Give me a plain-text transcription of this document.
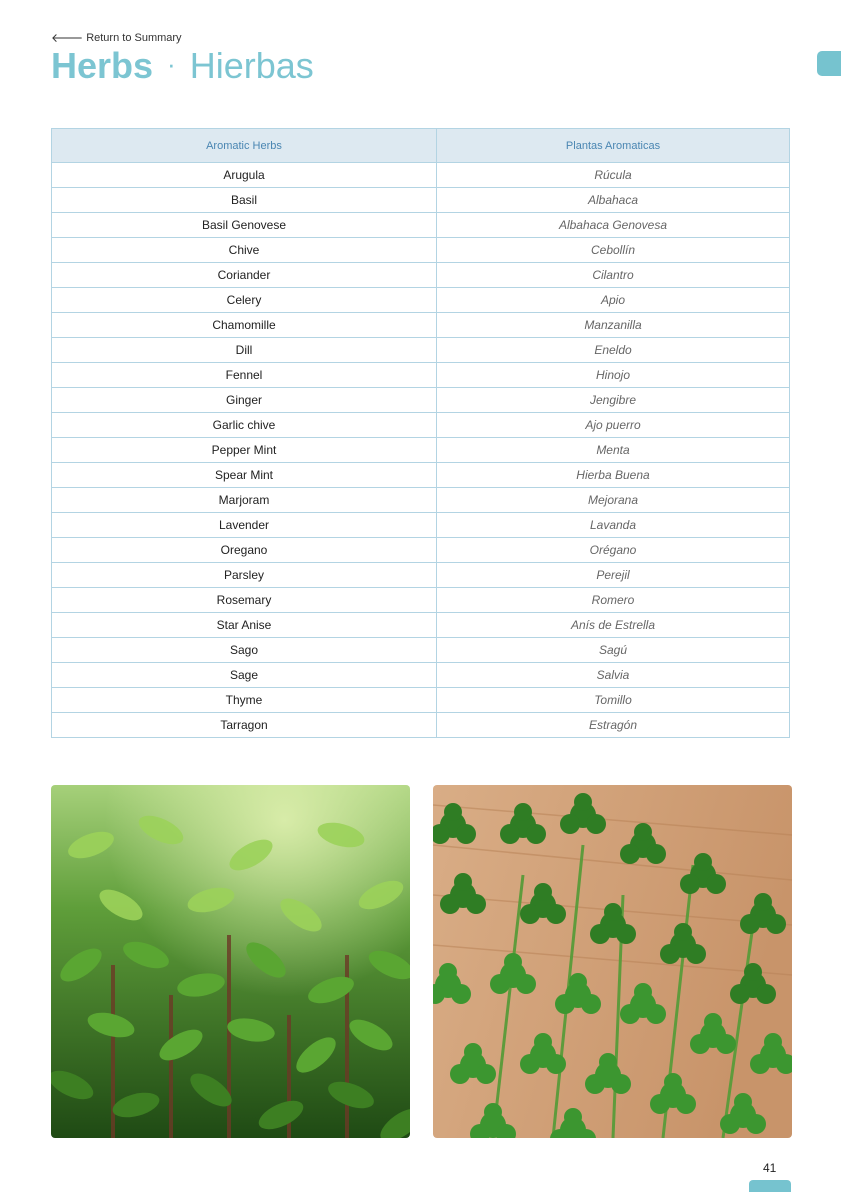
🡐 Return to Summary
Herbs · Hierbas
Aromatic Herbs	Plantas Aromaticas
Arugula	Rúcula
Basil	Albahaca
Basil Genovese	Albahaca Genovesa
Chive	Cebollín
Coriander	Cilantro
Celery	Apio
Chamomille	Manzanilla
Dill	Eneldo
Fennel	Hinojo
Ginger	Jengibre
Garlic chive	Ajo puerro
Pepper Mint	Menta
Spear Mint	Hierba Buena
Marjoram	Mejorana
Lavender	Lavanda
Oregano	Orégano
Parsley	Perejil
Rosemary	Romero
Star Anise	Anís de Estrella
Sago	Sagú
Sage	Salvia
Thyme	Tomillo
Tarragon	Estragón
41
